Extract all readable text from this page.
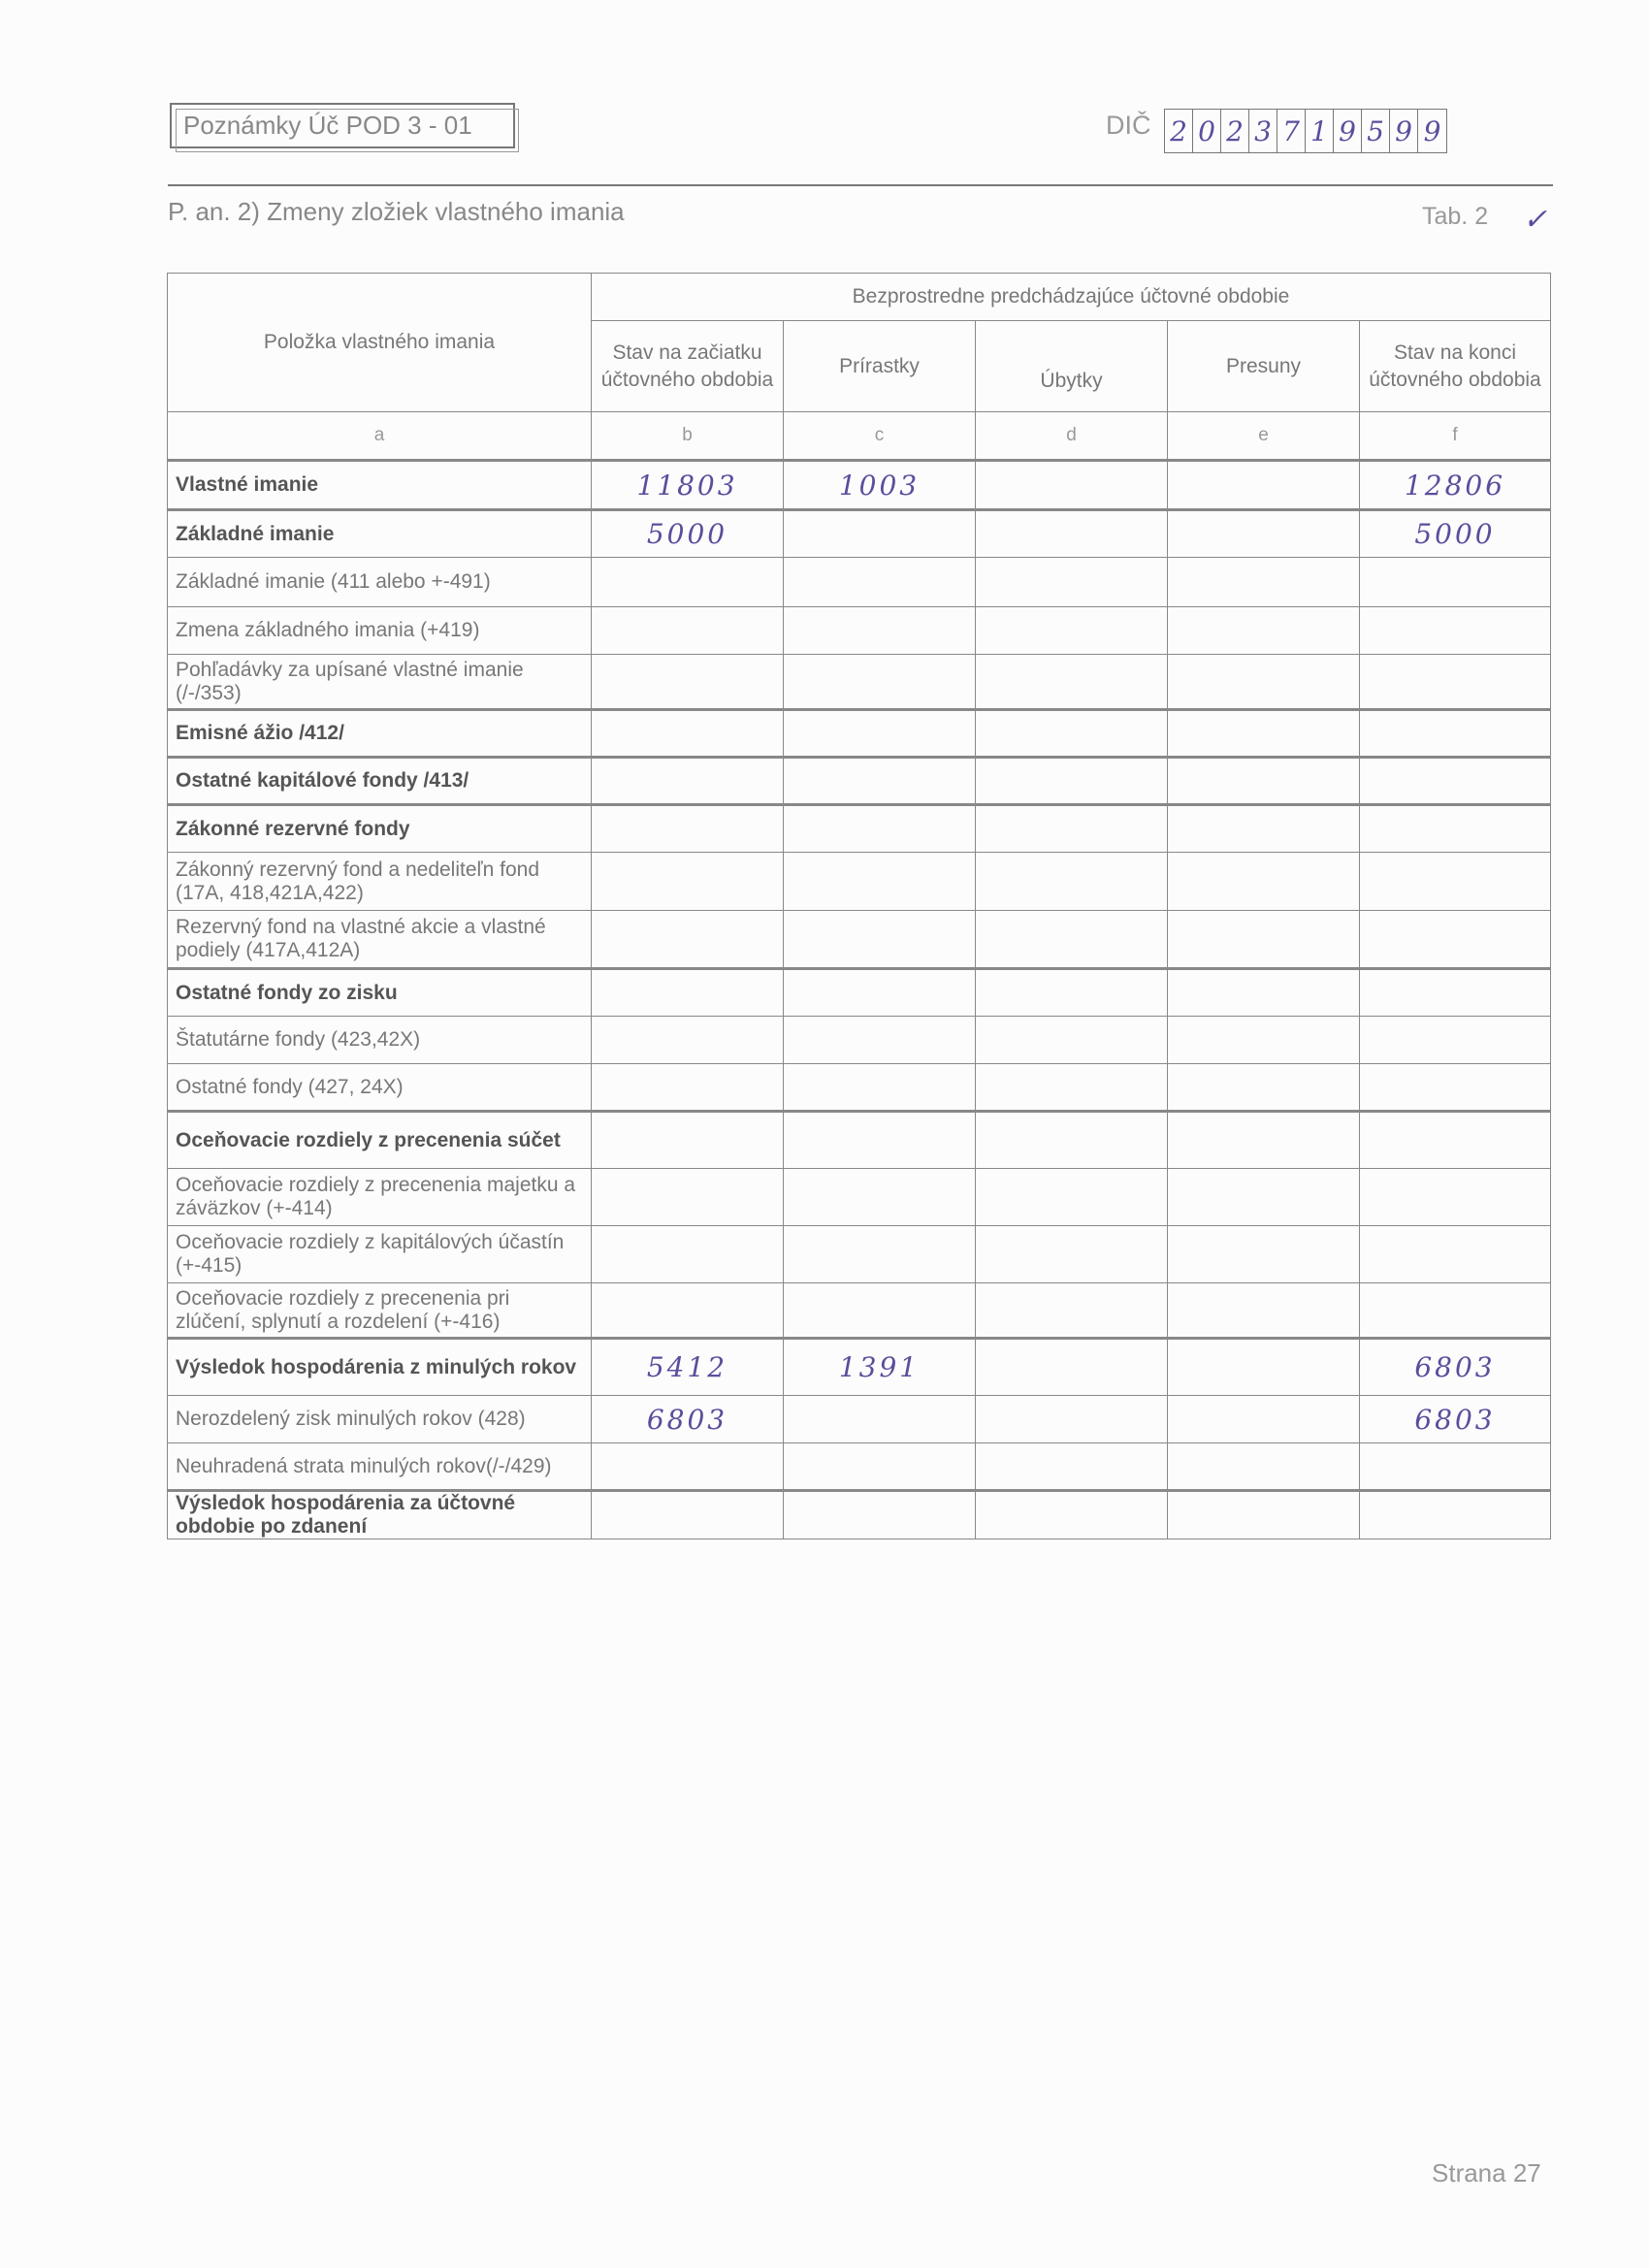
Poznámky Úč POD 3 - 01	DIČ 2 0 2 3 7 1 9 5 9 9
P. an. 2) Zmeny zložiek vlastného imania	Tab. 2 ✓
Položka vlastného imania	Bezprostredne predchádzajúce účtovné obdobie				
	Stav na začiatku účtovného obdobia	Prírastky	Úbytky	Presuny	Stav na konci účtovného obdobia
a	b	c	d	e	f
Vlastné imanie	11803	1003			12806
Základné imanie	5000				5000
Základné imanie (411 alebo +-491)					
Zmena základného imania (+419)					
Pohľadávky za upísané vlastné imanie (/-/353)					
Emisné ážio /412/					
Ostatné kapitálové fondy /413/					
Zákonné rezervné fondy					
Zákonný rezervný fond a nedeliteľn fond (17A, 418,421A,422)					
Rezervný fond na vlastné akcie a vlastné podiely (417A,412A)					
Ostatné fondy zo zisku					
Štatutárne fondy (423,42X)					
Ostatné fondy (427, 24X)					
Oceňovacie rozdiely z precenenia súčet					
Oceňovacie rozdiely z precenenia majetku a záväzkov (+-414)					
Oceňovacie rozdiely z kapitálových účastín (+-415)					
Oceňovacie rozdiely z precenenia pri zlúčení, splynutí a rozdelení (+-416)					
Výsledok hospodárenia z minulých rokov	5412	1391			6803
Nerozdelený zisk minulých rokov (428)	6803				6803
Neuhradená strata minulých rokov(/-/429)					
Výsledok hospodárenia za účtovné obdobie po zdanení					
Strana 27
